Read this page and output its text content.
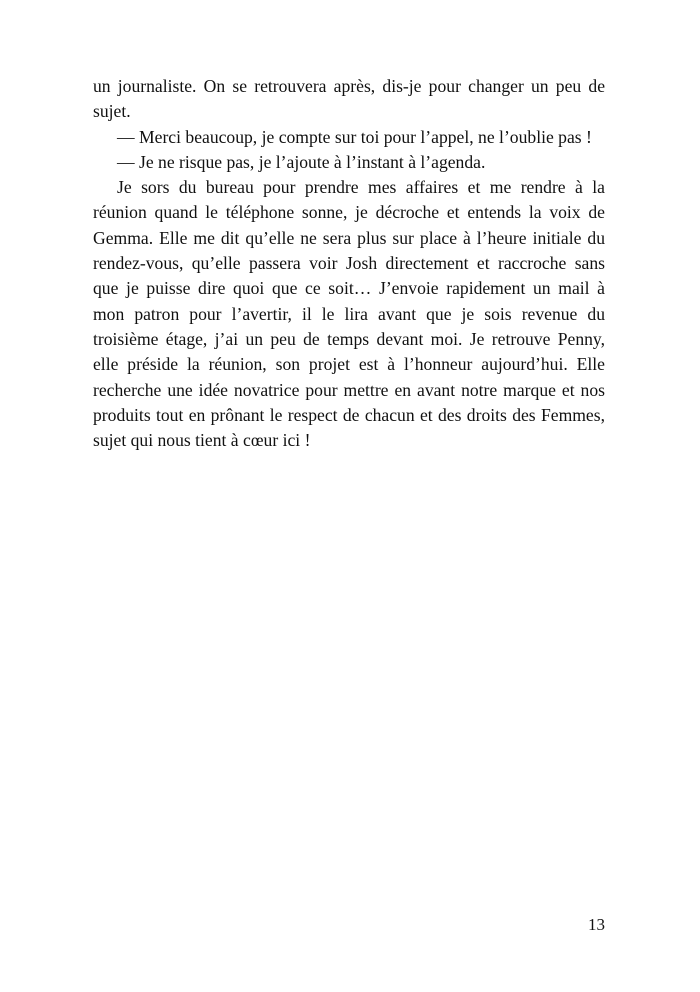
un journaliste. On se retrouvera après, dis-je pour changer un peu de
sujet.
— Merci beaucoup, je compte sur toi pour l’appel, ne l’oublie pas !
— Je ne risque pas, je l’ajoute à l’instant à l’agenda.
Je sors du bureau pour prendre mes affaires et me rendre à la
réunion quand le téléphone sonne, je décroche et entends la voix de
Gemma. Elle me dit qu’elle ne sera plus sur place à l’heure initiale du
rendez-vous, qu’elle passera voir Josh directement et raccroche sans
que je puisse dire quoi que ce soit… J’envoie rapidement un mail à
mon patron pour l’avertir, il le lira avant que je sois revenue du
troisième étage, j’ai un peu de temps devant moi. Je retrouve Penny,
elle préside la réunion, son projet est à l’honneur aujourd’hui. Elle
recherche une idée novatrice pour mettre en avant notre marque et nos
produits tout en prônant le respect de chacun et des droits des Femmes,
sujet qui nous tient à cœur ici !
13
